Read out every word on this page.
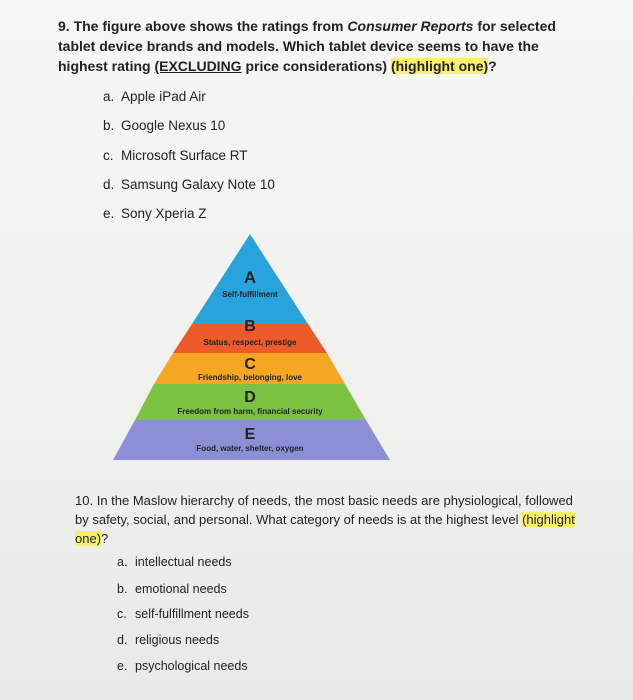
9. The figure above shows the ratings from Consumer Reports for selected tablet device brands and models. Which tablet device seems to have the highest rating (EXCLUDING price considerations) (highlight one)?
a. Apple iPad Air
b. Google Nexus 10
c. Microsoft Surface RT
d. Samsung Galaxy Note 10
e. Sony Xperia Z
A
Self-fulfillment
B
Status, respect, prestige
C
Friendship, belonging, love
D
Freedom from harm, financial security
E
Food, water, shelter, oxygen
10. In the Maslow hierarchy of needs, the most basic needs are physiological, followed by safety, social, and personal. What category of needs is at the highest level (highlight one)?
a. intellectual needs
b. emotional needs
c. self-fulfillment needs
d. religious needs
e. psychological needs
